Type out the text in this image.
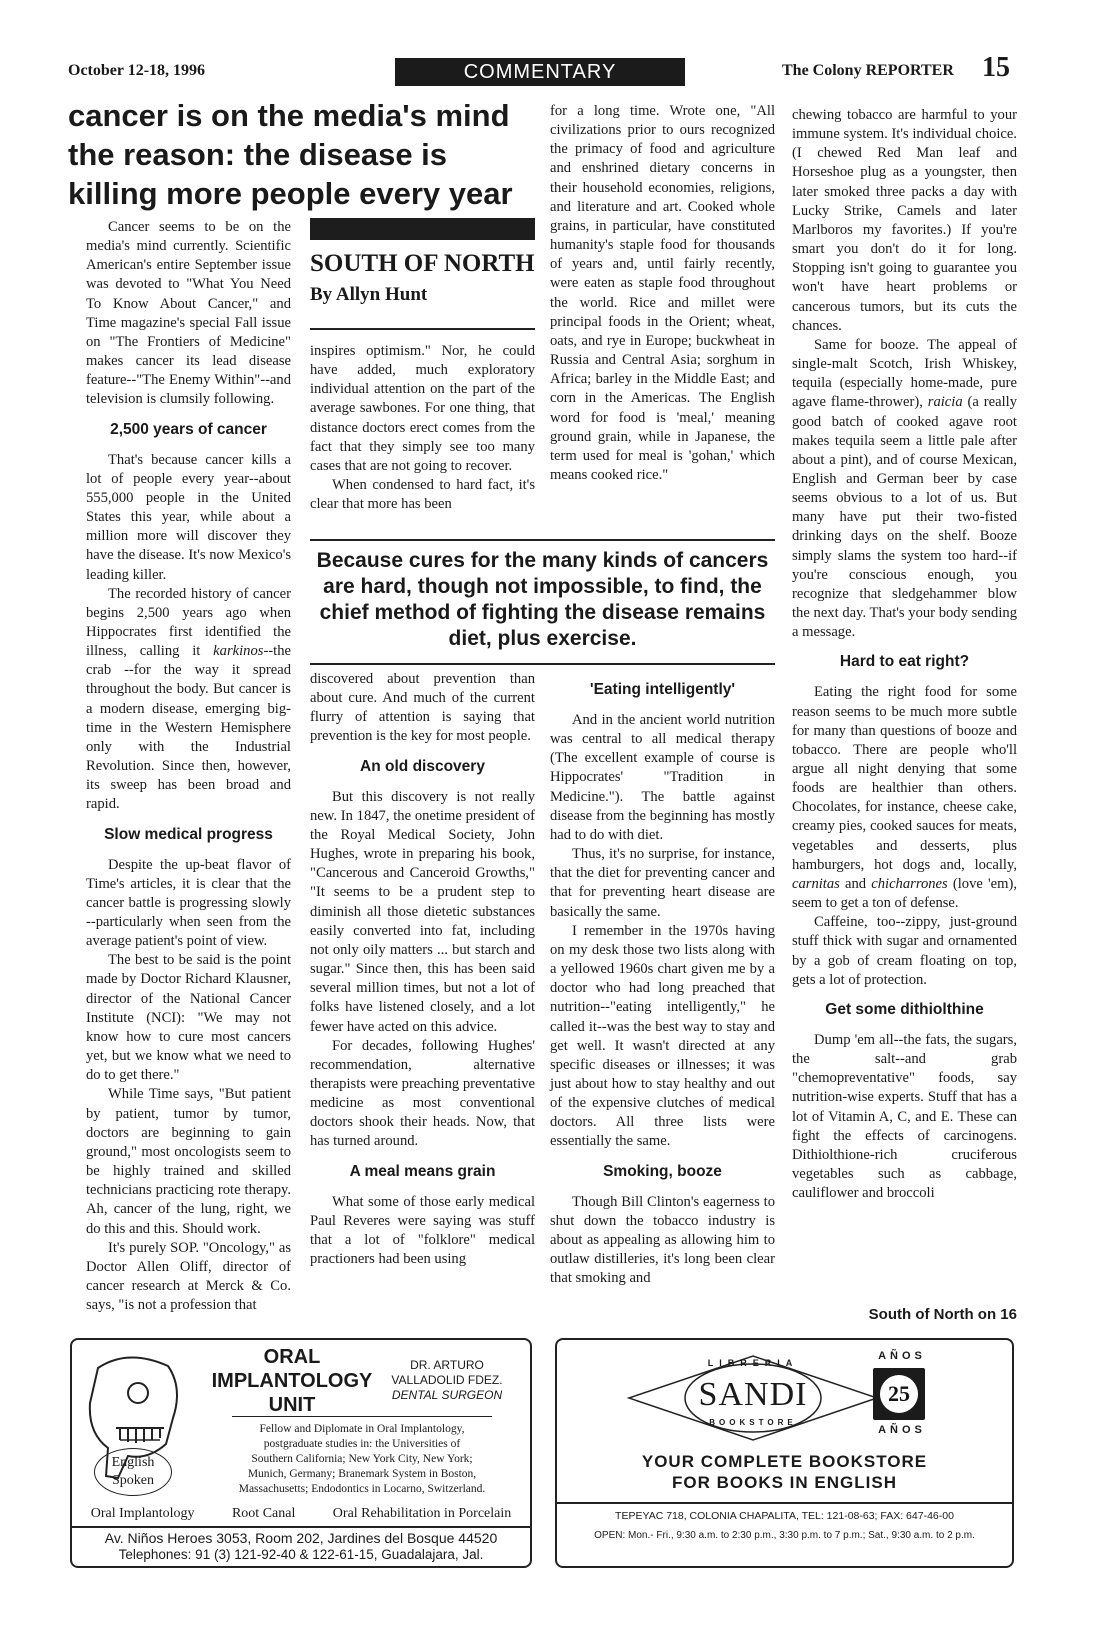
October 12-18, 1996	COMMENTARY	The Colony REPORTER 15
cancer is on the media's mind the reason: the disease is killing more people every year

Cancer seems to be on the media's mind currently. Scientific American's entire September issue was devoted to "What You Need To Know About Cancer," and Time magazine's special Fall issue on "The Frontiers of Medicine" makes cancer its lead disease feature--"The Enemy Within"--and television is clumsily following.

2,500 years of cancer

That's because cancer kills a lot of people every year--about 555,000 people in the United States this year, while about a million more will discover they have the disease. It's now Mexico's leading killer.

The recorded history of cancer begins 2,500 years ago when Hippocrates first identified the illness, calling it karkinos--the crab --for the way it spread throughout the body. But cancer is a modern disease, emerging big-time in the Western Hemisphere only with the Industrial Revolution. Since then, however, its sweep has been broad and rapid.

Slow medical progress

Despite the up-beat flavor of Time's articles, it is clear that the cancer battle is progressing slowly --particularly when seen from the average patient's point of view.

The best to be said is the point made by Doctor Richard Klausner, director of the National Cancer Institute (NCI): "We may not know how to cure most cancers yet, but we know what we need to do to get there."

While Time says, "But patient by patient, tumor by tumor, doctors are beginning to gain ground," most oncologists seem to be highly trained and skilled technicians practicing rote therapy. Ah, cancer of the lung, right, we do this and this. Should work.

It's purely SOP. "Oncology," as Doctor Allen Oliff, director of cancer research at Merck & Co. says, "is not a profession that

SOUTH OF NORTH
By Allyn Hunt

inspires optimism." Nor, he could have added, much exploratory individual attention on the part of the average sawbones. For one thing, that distance doctors erect comes from the fact that they simply see too many cases that are not going to recover.

When condensed to hard fact, it's clear that more has been

for a long time. Wrote one, "All civilizations prior to ours recognized the primacy of food and agriculture and enshrined dietary concerns in their household economies, religions, and literature and art. Cooked whole grains, in particular, have constituted humanity's staple food for thousands of years and, until fairly recently, were eaten as staple food throughout the world. Rice and millet were principal foods in the Orient; wheat, oats, and rye in Europe; buckwheat in Russia and Central Asia; sorghum in Africa; barley in the Middle East; and corn in the Americas. The English word for food is 'meal,' meaning ground grain, while in Japanese, the term used for meal is 'gohan,' which means cooked rice."

Because cures for the many kinds of cancers are hard, though not impossible, to find, the chief method of fighting the disease remains diet, plus exercise.

discovered about prevention than about cure. And much of the current flurry of attention is saying that prevention is the key for most people.

An old discovery

But this discovery is not really new. In 1847, the onetime president of the Royal Medical Society, John Hughes, wrote in preparing his book, "Cancerous and Canceroid Growths," "It seems to be a prudent step to diminish all those dietetic substances easily converted into fat, including not only oily matters ... but starch and sugar." Since then, this has been said several million times, but not a lot of folks have listened closely, and a lot fewer have acted on this advice.

For decades, following Hughes' recommendation, alternative therapists were preaching preventative medicine as most conventional doctors shook their heads. Now, that has turned around.

A meal means grain

What some of those early medical Paul Reveres were saying was stuff that a lot of "folklore" medical practioners had been using

'Eating intelligently'

And in the ancient world nutrition was central to all medical therapy (The excellent example of course is Hippocrates' "Tradition in Medicine."). The battle against disease from the beginning has mostly had to do with diet.

Thus, it's no surprise, for instance, that the diet for preventing cancer and that for preventing heart disease are basically the same.

I remember in the 1970s having on my desk those two lists along with a yellowed 1960s chart given me by a doctor who had long preached that nutrition--"eating intelligently," he called it--was the best way to stay and get well. It wasn't directed at any specific diseases or illnesses; it was just about how to stay healthy and out of the expensive clutches of medical doctors. All three lists were essentially the same.

Smoking, booze

Though Bill Clinton's eagerness to shut down the tobacco industry is about as appealing as allowing him to outlaw distilleries, it's long been clear that smoking and

chewing tobacco are harmful to your immune system. It's individual choice. (I chewed Red Man leaf and Horseshoe plug as a youngster, then later smoked three packs a day with Lucky Strike, Camels and later Marlboros my favorites.) If you're smart you don't do it for long. Stopping isn't going to guarantee you won't have heart problems or cancerous tumors, but its cuts the chances.

Same for booze. The appeal of single-malt Scotch, Irish Whiskey, tequila (especially home-made, pure agave flame-thrower), raicia (a really good batch of cooked agave root makes tequila seem a little pale after about a pint), and of course Mexican, English and German beer by case seems obvious to a lot of us. But many have put their two-fisted drinking days on the shelf. Booze simply slams the system too hard--if you're conscious enough, you recognize that sledgehammer blow the next day. That's your body sending a message.

Hard to eat right?

Eating the right food for some reason seems to be much more subtle for many than questions of booze and tobacco. There are people who'll argue all night denying that some foods are healthier than others. Chocolates, for instance, cheese cake, creamy pies, cooked sauces for meats, vegetables and desserts, plus hamburgers, hot dogs and, locally, carnitas and chicharrones (love 'em), seem to get a ton of defense.

Caffeine, too--zippy, just-ground stuff thick with sugar and ornamented by a gob of cream floating on top, gets a lot of protection.

Get some dithiolthine

Dump 'em all--the fats, the sugars, the salt--and grab "chemopreventative" foods, say nutrition-wise experts. Stuff that has a lot of Vitamin A, C, and E. These can fight the effects of carcinogens. Dithiolthione-rich cruciferous vegetables such as cabbage, cauliflower and broccoli

South of North on 16
ORAL
IMPLANTOLOGY
UNIT
DR. ARTURO
VALLADOLID FDEZ.
DENTAL SURGEON
Fellow and Diplomate in Oral Implantology,
postgraduate studies in: the Universities of
Southern California; New York City, New York;
Munich, Germany; Branemark System in Boston,
Massachusetts; Endodontics in Locarno, Switzerland.
English
Spoken
Oral Implantology	Root Canal	Oral Rehabilitation in Porcelain
Av. Niños Heroes 3053, Room 202, Jardines del Bosque 44520
Telephones: 91 (3) 121-92-40 & 122-61-15, Guadalajara, Jal.
LIBRERIA
SANDI
BOOKSTORE
AÑOS
25
AÑOS
YOUR COMPLETE BOOKSTORE
FOR BOOKS IN ENGLISH
TEPEYAC 718, COLONIA CHAPALITA, TEL: 121-08-63; FAX: 647-46-00
OPEN: Mon.- Fri., 9:30 a.m. to 2:30 p.m., 3:30 p.m. to 7 p.m.; Sat., 9:30 a.m. to 2 p.m.
